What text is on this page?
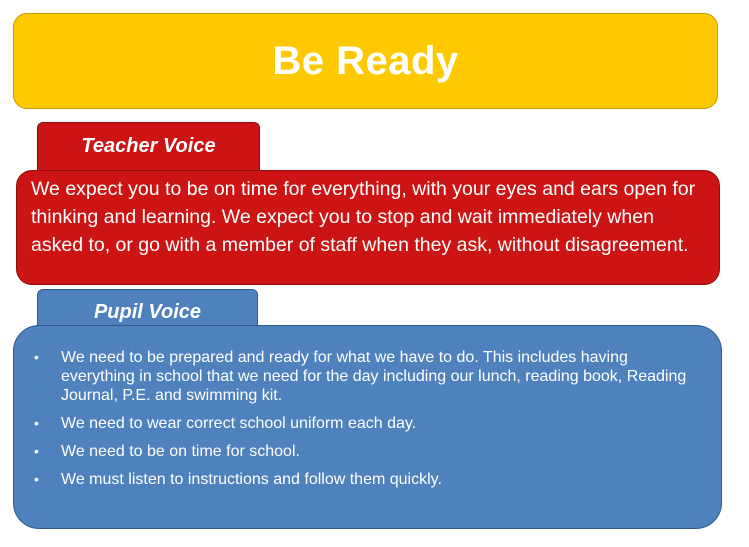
Be Ready
Teacher Voice
We expect you to be on time for everything, with your eyes and ears open for thinking and learning. We expect you to stop and wait immediately when asked to, or go with a member of staff when they ask, without disagreement.
Pupil Voice
• We need to be prepared and ready for what we have to do. This includes having everything in school that we need for the day including our lunch, reading book, Reading Journal, P.E. and swimming kit.
• We need to wear correct school uniform each day.
• We need to be on time for school.
• We must listen to instructions and follow them quickly.
